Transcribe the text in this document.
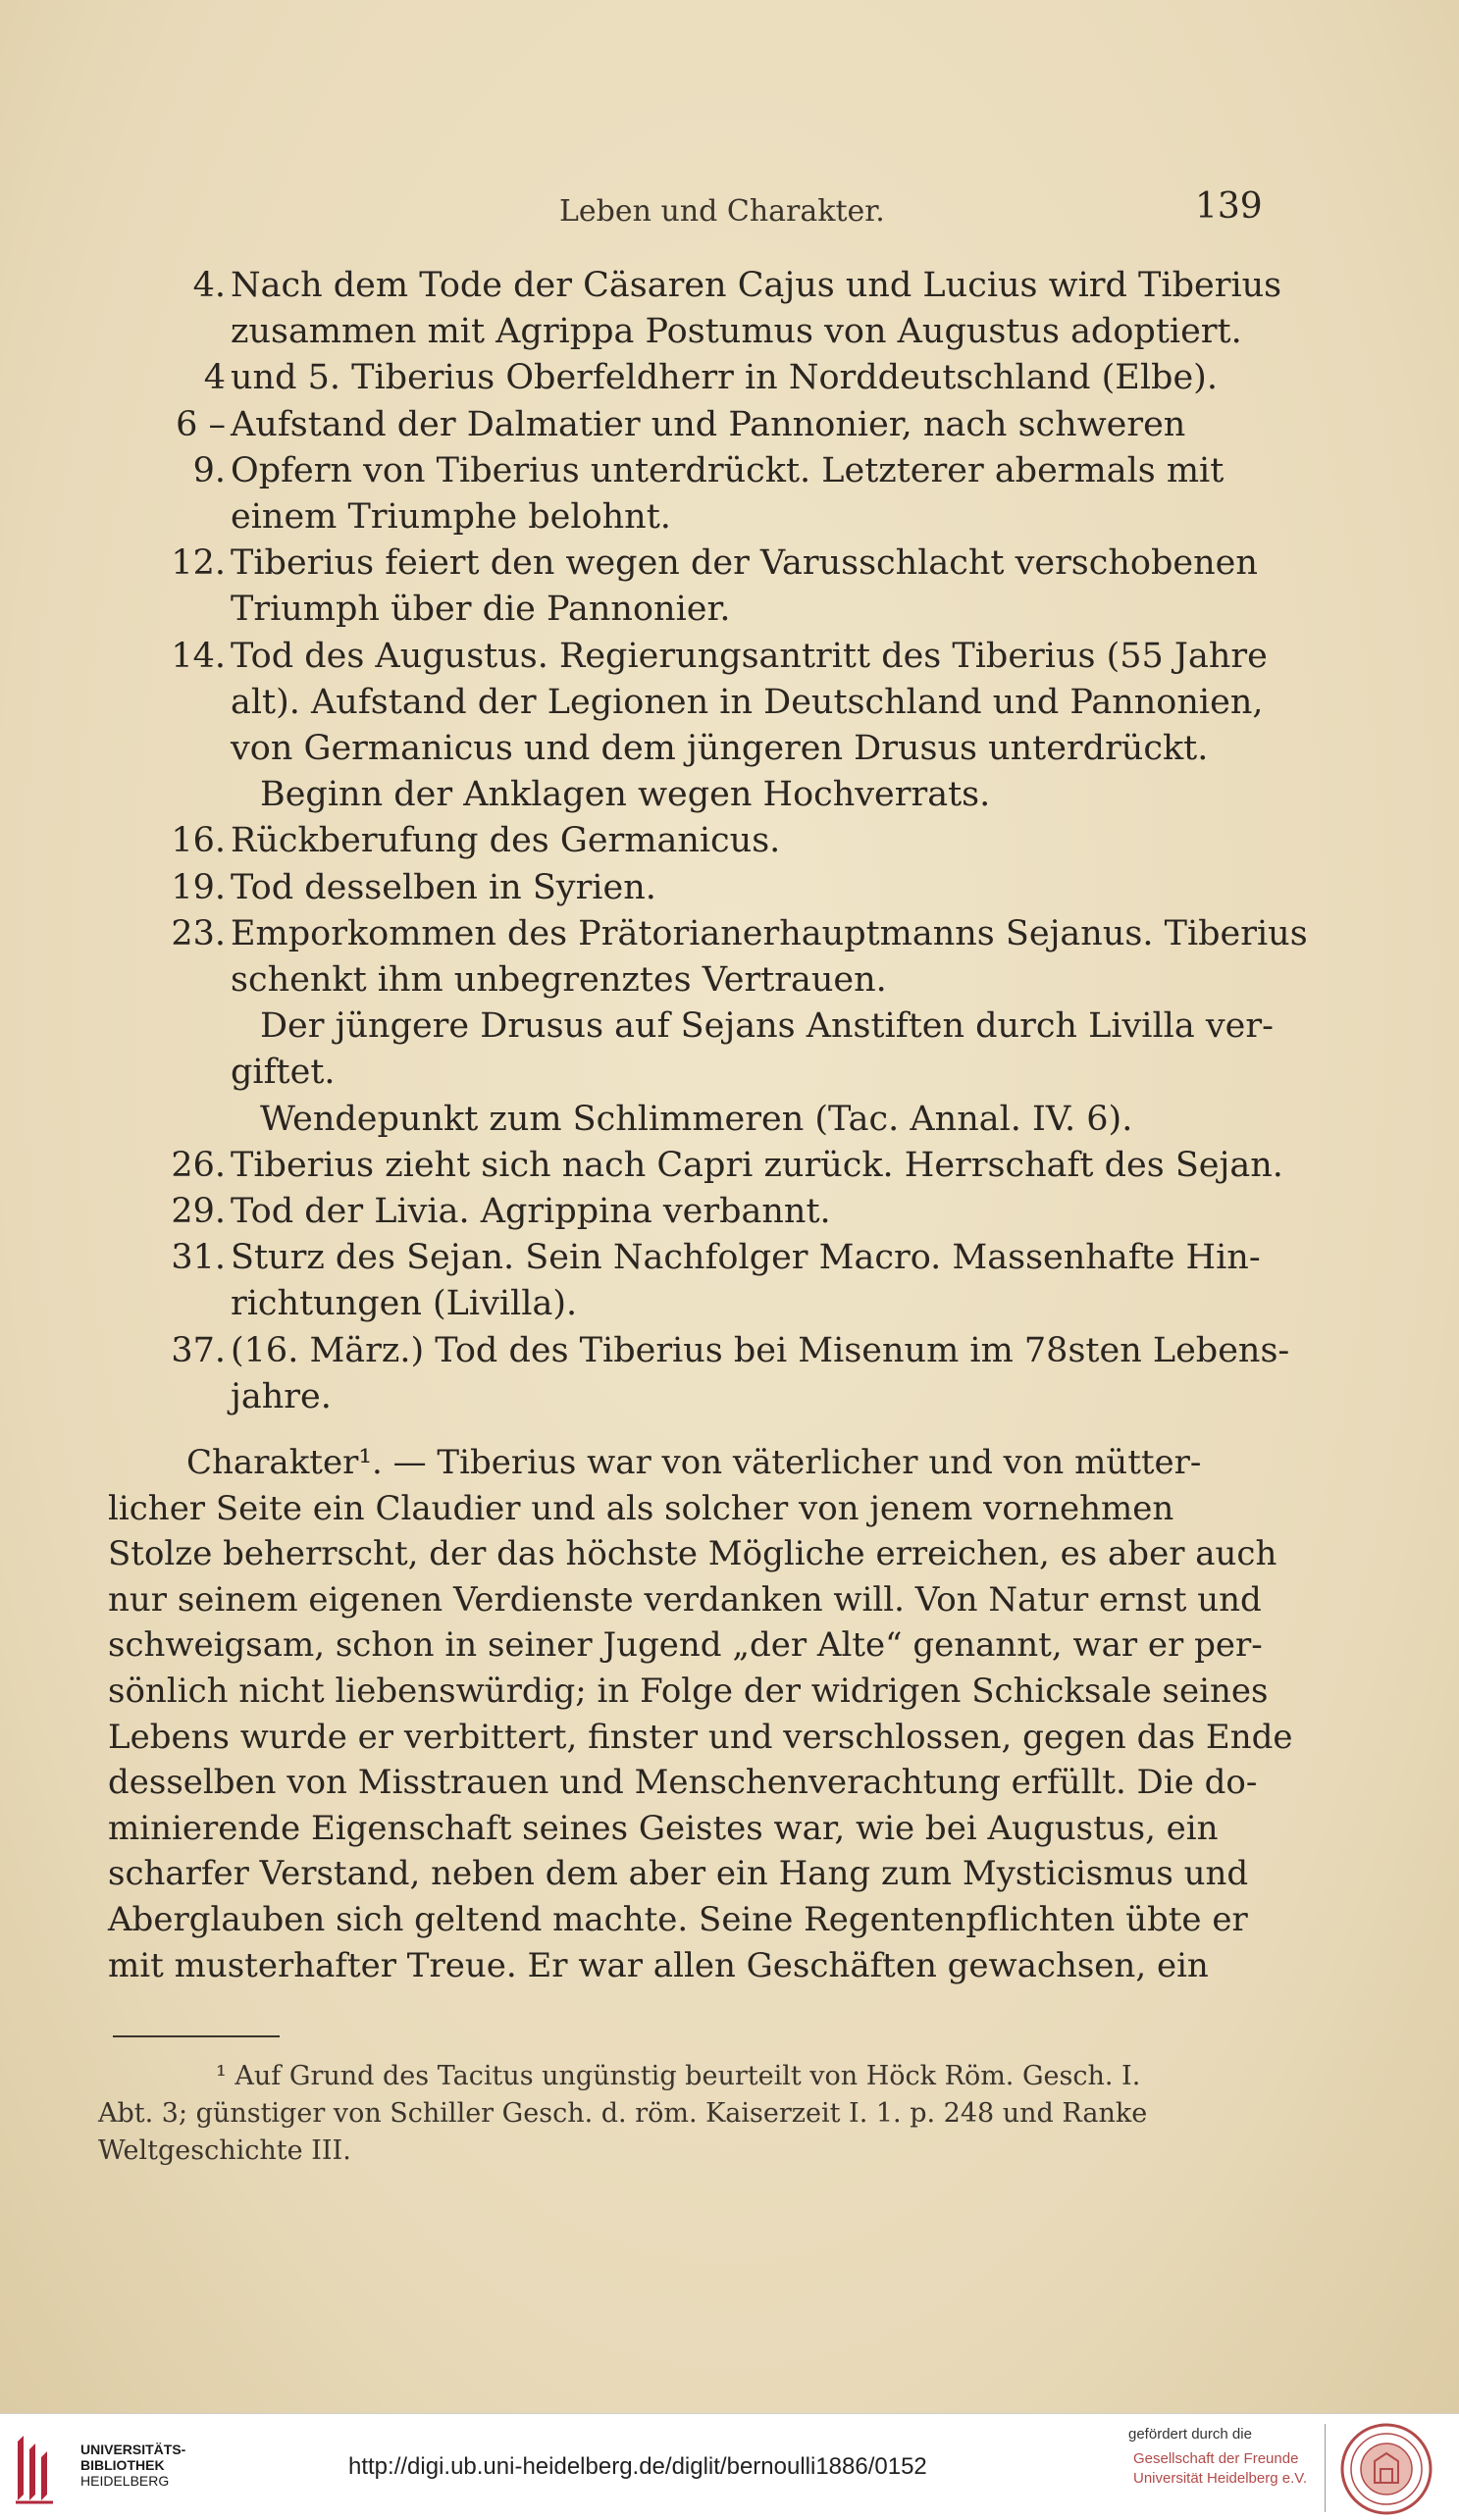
Leben und Charakter.	139
4. Nach dem Tode der Cäsaren Cajus und Lucius wird Tiberius
zusammen mit Agrippa Postumus von Augustus adoptiert.
4 und 5. Tiberius Oberfeldherr in Norddeutschland (Elbe).
6 – 9.
Aufstand der Dalmatier und Pannonier, nach schweren
Opfern von Tiberius unterdrückt. Letzterer abermals mit
einem Triumphe belohnt.
12. Tiberius feiert den wegen der Varusschlacht verschobenen
Triumph über die Pannonier.
14. Tod des Augustus. Regierungsantritt des Tiberius (55 Jahre
alt). Aufstand der Legionen in Deutschland und Pannonien,
von Germanicus und dem jüngeren Drusus unterdrückt.
Beginn der Anklagen wegen Hochverrats.
16. Rückberufung des Germanicus.
19. Tod desselben in Syrien.
23. Emporkommen des Prätorianerhauptmanns Sejanus. Tiberius
schenkt ihm unbegrenztes Vertrauen.
Der jüngere Drusus auf Sejans Anstiften durch Livilla ver-
giftet.
Wendepunkt zum Schlimmeren (Tac. Annal. IV. 6).
26. Tiberius zieht sich nach Capri zurück. Herrschaft des Sejan.
29. Tod der Livia. Agrippina verbannt.
31. Sturz des Sejan. Sein Nachfolger Macro. Massenhafte Hin-
richtungen (Livilla).
37. (16. März.) Tod des Tiberius bei Misenum im 78sten Lebens-
jahre.
Charakter¹. — Tiberius war von väterlicher und von mütter-
licher Seite ein Claudier und als solcher von jenem vornehmen
Stolze beherrscht, der das höchste Mögliche erreichen, es aber auch
nur seinem eigenen Verdienste verdanken will. Von Natur ernst und
schweigsam, schon in seiner Jugend „der Alte“ genannt, war er per-
sönlich nicht liebenswürdig; in Folge der widrigen Schicksale seines
Lebens wurde er verbittert, finster und verschlossen, gegen das Ende
desselben von Misstrauen und Menschenverachtung erfüllt. Die do-
minierende Eigenschaft seines Geistes war, wie bei Augustus, ein
scharfer Verstand, neben dem aber ein Hang zum Mysticismus und
Aberglauben sich geltend machte. Seine Regentenpflichten übte er
mit musterhafter Treue. Er war allen Geschäften gewachsen, ein
¹ Auf Grund des Tacitus ungünstig beurteilt von Höck Röm. Gesch. I.
Abt. 3; günstiger von Schiller Gesch. d. röm. Kaiserzeit I. 1. p. 248 und Ranke
Weltgeschichte III.
UNIVERSITÄTS-
BIBLIOTHEK
HEIDELBERG
http://digi.ub.uni-heidelberg.de/diglit/bernoulli1886/0152
gefördert durch die
Gesellschaft der Freunde
Universität Heidelberg e.V.
